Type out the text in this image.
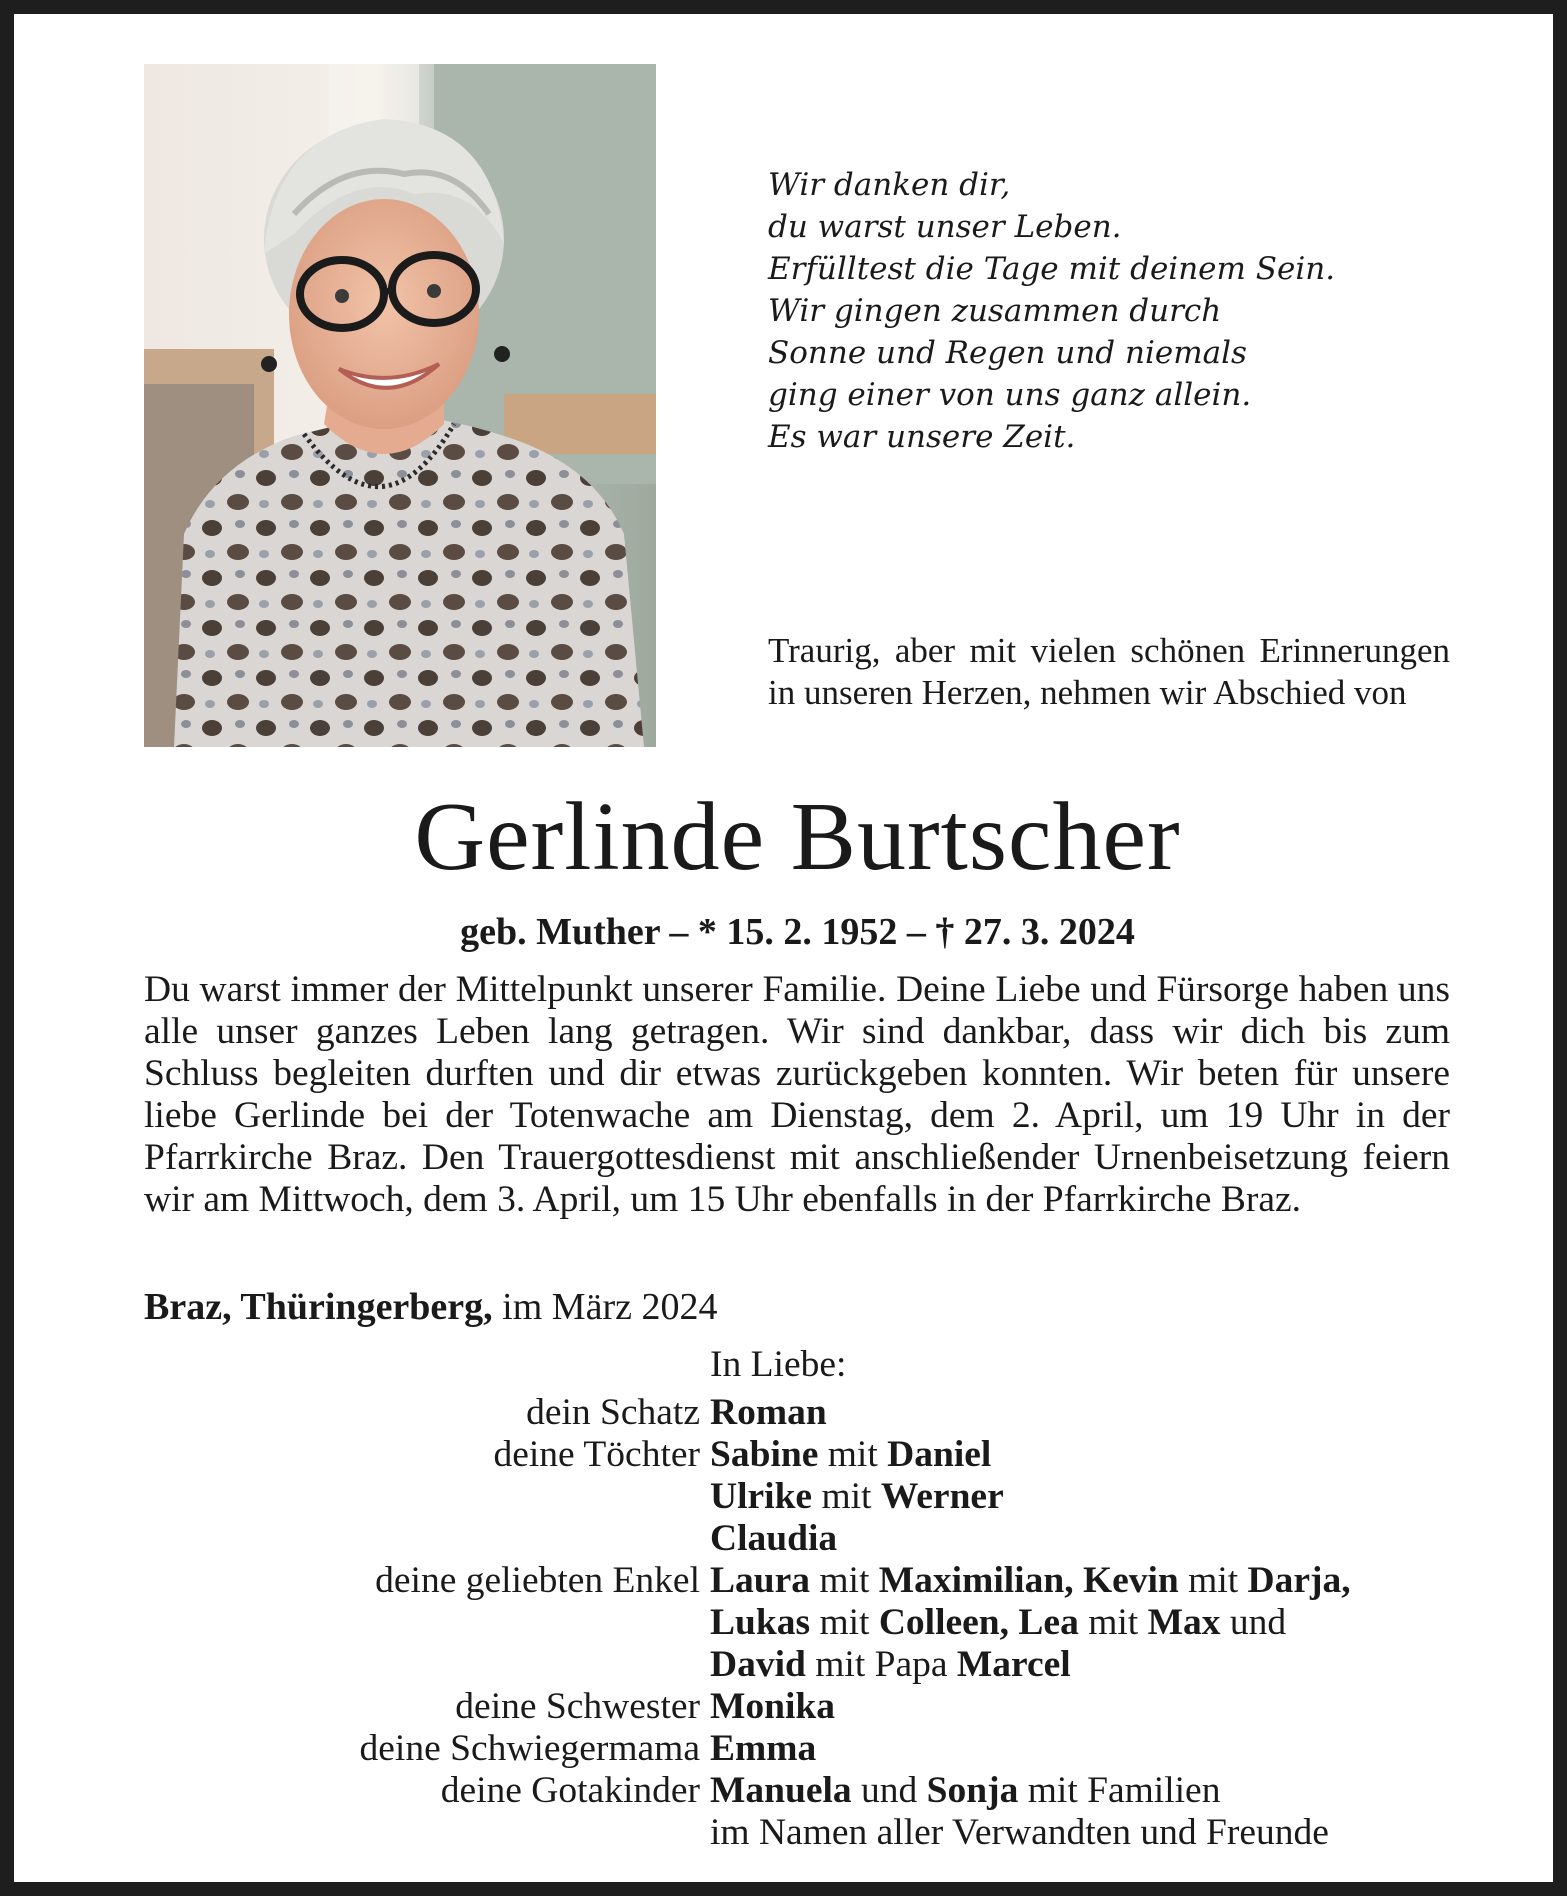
Wir danken dir,
du warst unser Leben.
Erfülltest die Tage mit deinem Sein.
Wir gingen zusammen durch
Sonne und Regen und niemals
ging einer von uns ganz allein.
Es war unsere Zeit.
Traurig, aber mit vielen schönen Erinnerungen in unseren Herzen, nehmen wir Abschied von
Gerlinde Burtscher
geb. Muther – * 15. 2. 1952 – † 27. 3. 2024
Du warst immer der Mittelpunkt unserer Familie. Deine Liebe und Fürsorge haben uns alle unser ganzes Leben lang getragen. Wir sind dankbar, dass wir dich bis zum Schluss begleiten durften und dir etwas zurückgeben konnten. Wir beten für unsere liebe Gerlinde bei der Totenwache am Dienstag, dem 2. April, um 19 Uhr in der Pfarrkirche Braz. Den Trauergottesdienst mit anschließender Urnenbeisetzung feiern wir am Mittwoch, dem 3. April, um 15 Uhr ebenfalls in der Pfarrkirche Braz.
Braz, Thüringerberg, im März 2024
In Liebe:
dein Schatz Roman
deine Töchter Sabine mit Daniel
Ulrike mit Werner
Claudia
deine geliebten Enkel Laura mit Maximilian, Kevin mit Darja,
Lukas mit Colleen, Lea mit Max und
David mit Papa Marcel
deine Schwester Monika
deine Schwiegermama Emma
deine Gotakinder Manuela und Sonja mit Familien
im Namen aller Verwandten und Freunde
